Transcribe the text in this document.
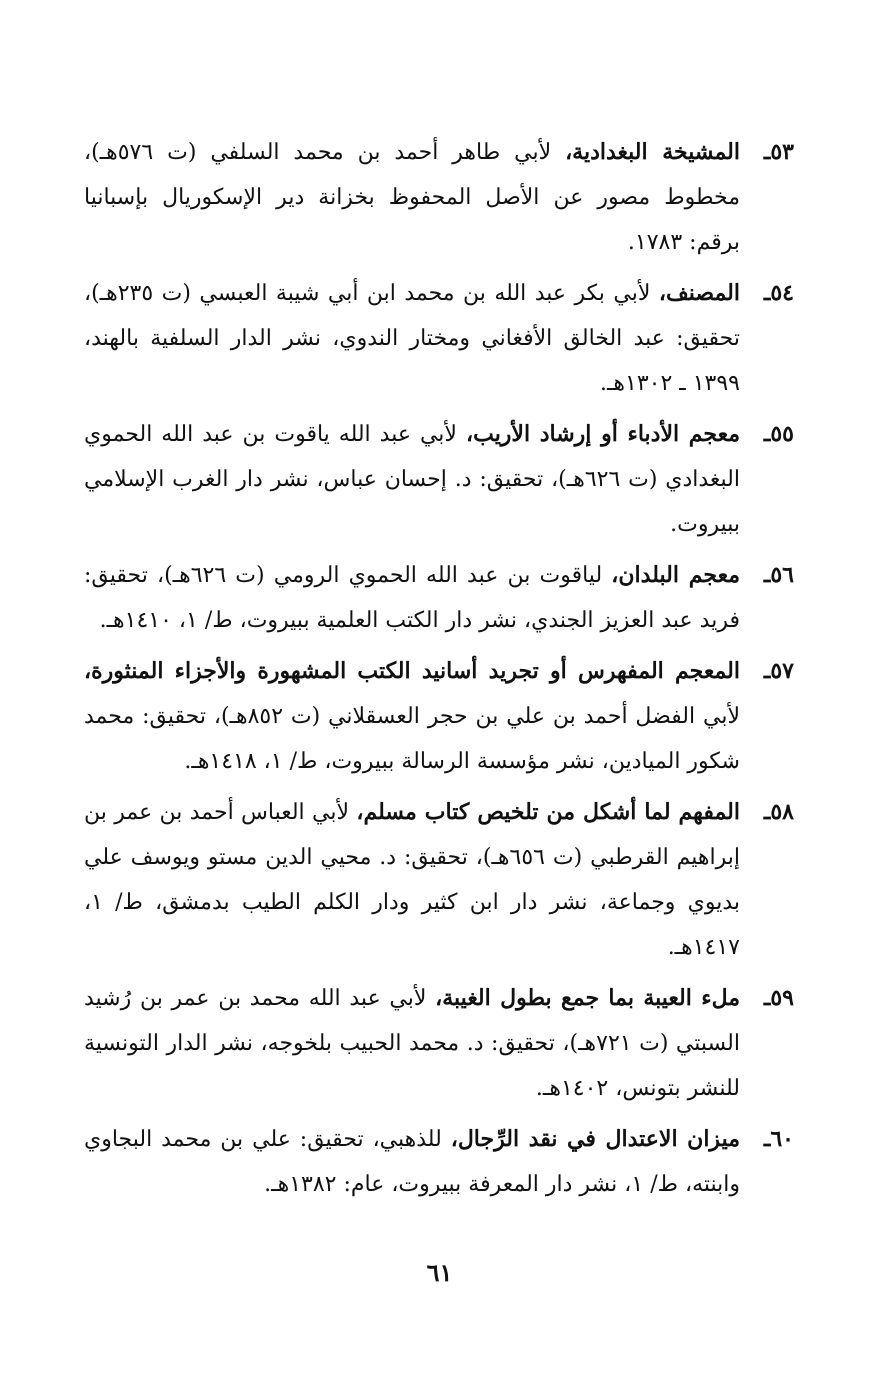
٥٣ـ
المشيخة البغدادية، لأبي طاهر أحمد بن محمد السلفي (ت ٥٧٦هـ)، مخطوط مصور عن الأصل المحفوظ بخزانة دير الإسكوريال بإسبانيا برقم: ١٧٨٣.
٥٤ـ
المصنف، لأبي بكر عبد الله بن محمد ابن أبي شيبة العبسي (ت ٢٣٥هـ)، تحقيق: عبد الخالق الأفغاني ومختار الندوي، نشر الدار السلفية بالهند، ١٣٩٩ ـ ١٣٠٢هـ.
٥٥ـ
معجم الأدباء أو إرشاد الأريب، لأبي عبد الله ياقوت بن عبد الله الحموي البغدادي (ت ٦٢٦هـ)، تحقيق: د. إحسان عباس، نشر دار الغرب الإسلامي ببيروت.
٥٦ـ
معجم البلدان، لياقوت بن عبد الله الحموي الرومي (ت ٦٢٦هـ)، تحقيق: فريد عبد العزيز الجندي، نشر دار الكتب العلمية ببيروت، ط/ ١، ١٤١٠هـ.
٥٧ـ
المعجم المفهرس أو تجريد أسانيد الكتب المشهورة والأجزاء المنثورة، لأبي الفضل أحمد بن علي بن حجر العسقلاني (ت ٨٥٢هـ)، تحقيق: محمد شكور الميادين، نشر مؤسسة الرسالة ببيروت، ط/ ١، ١٤١٨هـ.
٥٨ـ
المفهم لما أشكل من تلخيص كتاب مسلم، لأبي العباس أحمد بن عمر بن إبراهيم القرطبي (ت ٦٥٦هـ)، تحقيق: د. محيي الدين مستو ويوسف علي بديوي وجماعة، نشر دار ابن كثير ودار الكلم الطيب بدمشق، ط/ ١، ١٤١٧هـ.
٥٩ـ
ملء العيبة بما جمع بطول الغيبة، لأبي عبد الله محمد بن عمر بن رُشيد السبتي (ت ٧٢١هـ)، تحقيق: د. محمد الحبيب بلخوجه، نشر الدار التونسية للنشر بتونس، ١٤٠٢هـ.
٦٠ـ
ميزان الاعتدال في نقد الرِّجال، للذهبي، تحقيق: علي بن محمد البجاوي وابنته، ط/ ١، نشر دار المعرفة ببيروت، عام: ١٣٨٢هـ.
٦١
